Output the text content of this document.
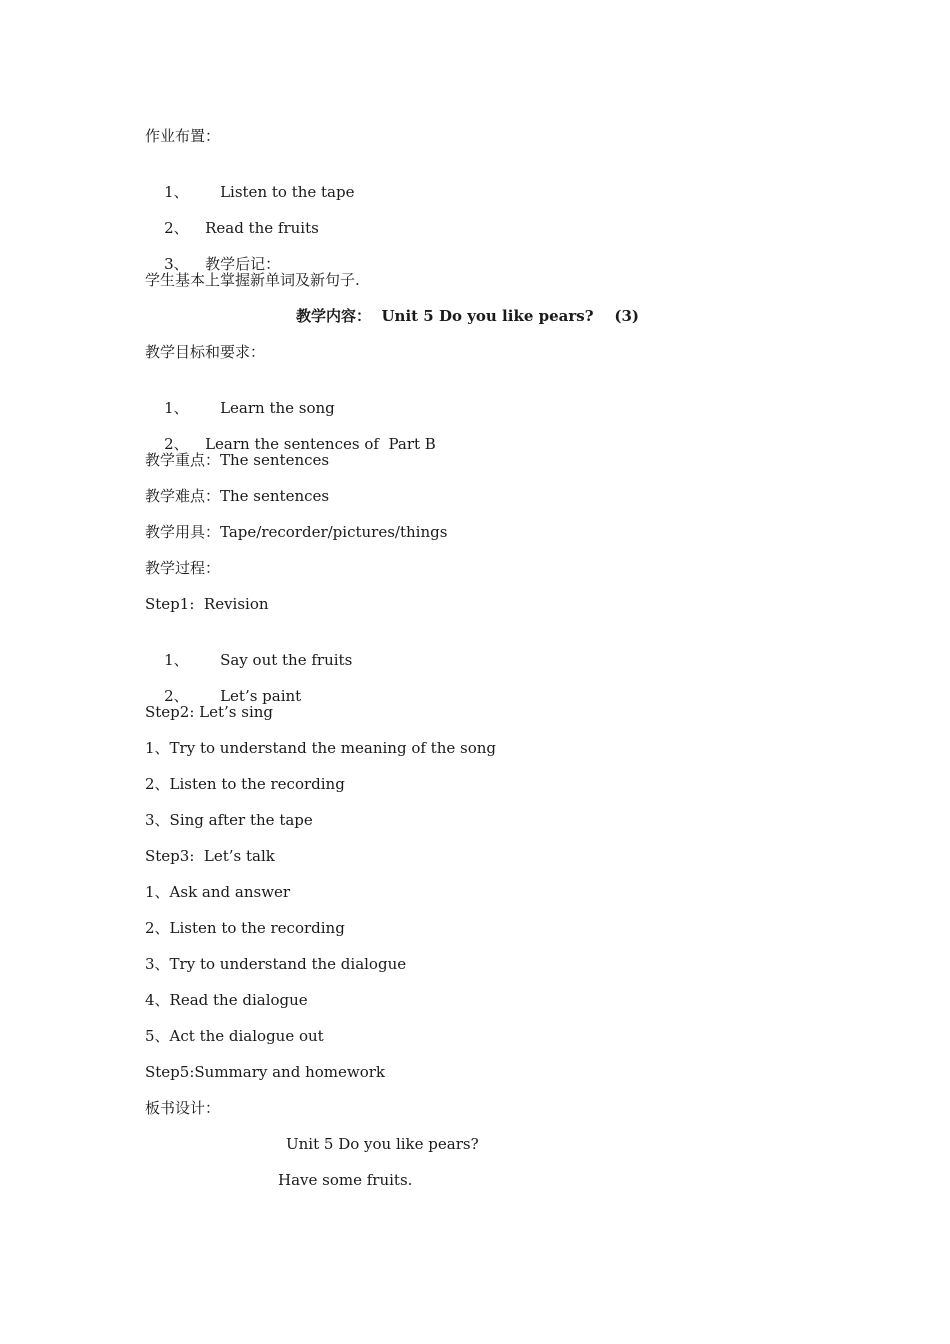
作业布置：

1、 Listen to the tape

2、 Read the fruits

3、 教学后记：

学生基本上掌握新单词及新句子.
教学内容： Unit 5 Do you like pears? (3)
教学目标和要求：

1、 Learn the song

2、 Learn the sentences of  Part B

教学重点：The sentences
教学难点：The sentences
教学用具：Tape/recorder/pictures/things
教学过程：
Step1:  Revision

1、 Say out the fruits

2、 Let’s paint

Step2: Let’s sing
1、Try to understand the meaning of the song
2、Listen to the recording
3、Sing after the tape
Step3:  Let’s talk
1、Ask and answer
2、Listen to the recording
3、Try to understand the dialogue
4、Read the dialogue
5、Act the dialogue out
Step5:Summary and homework
板书设计：
Unit 5 Do you like pears?
Have some fruits.
